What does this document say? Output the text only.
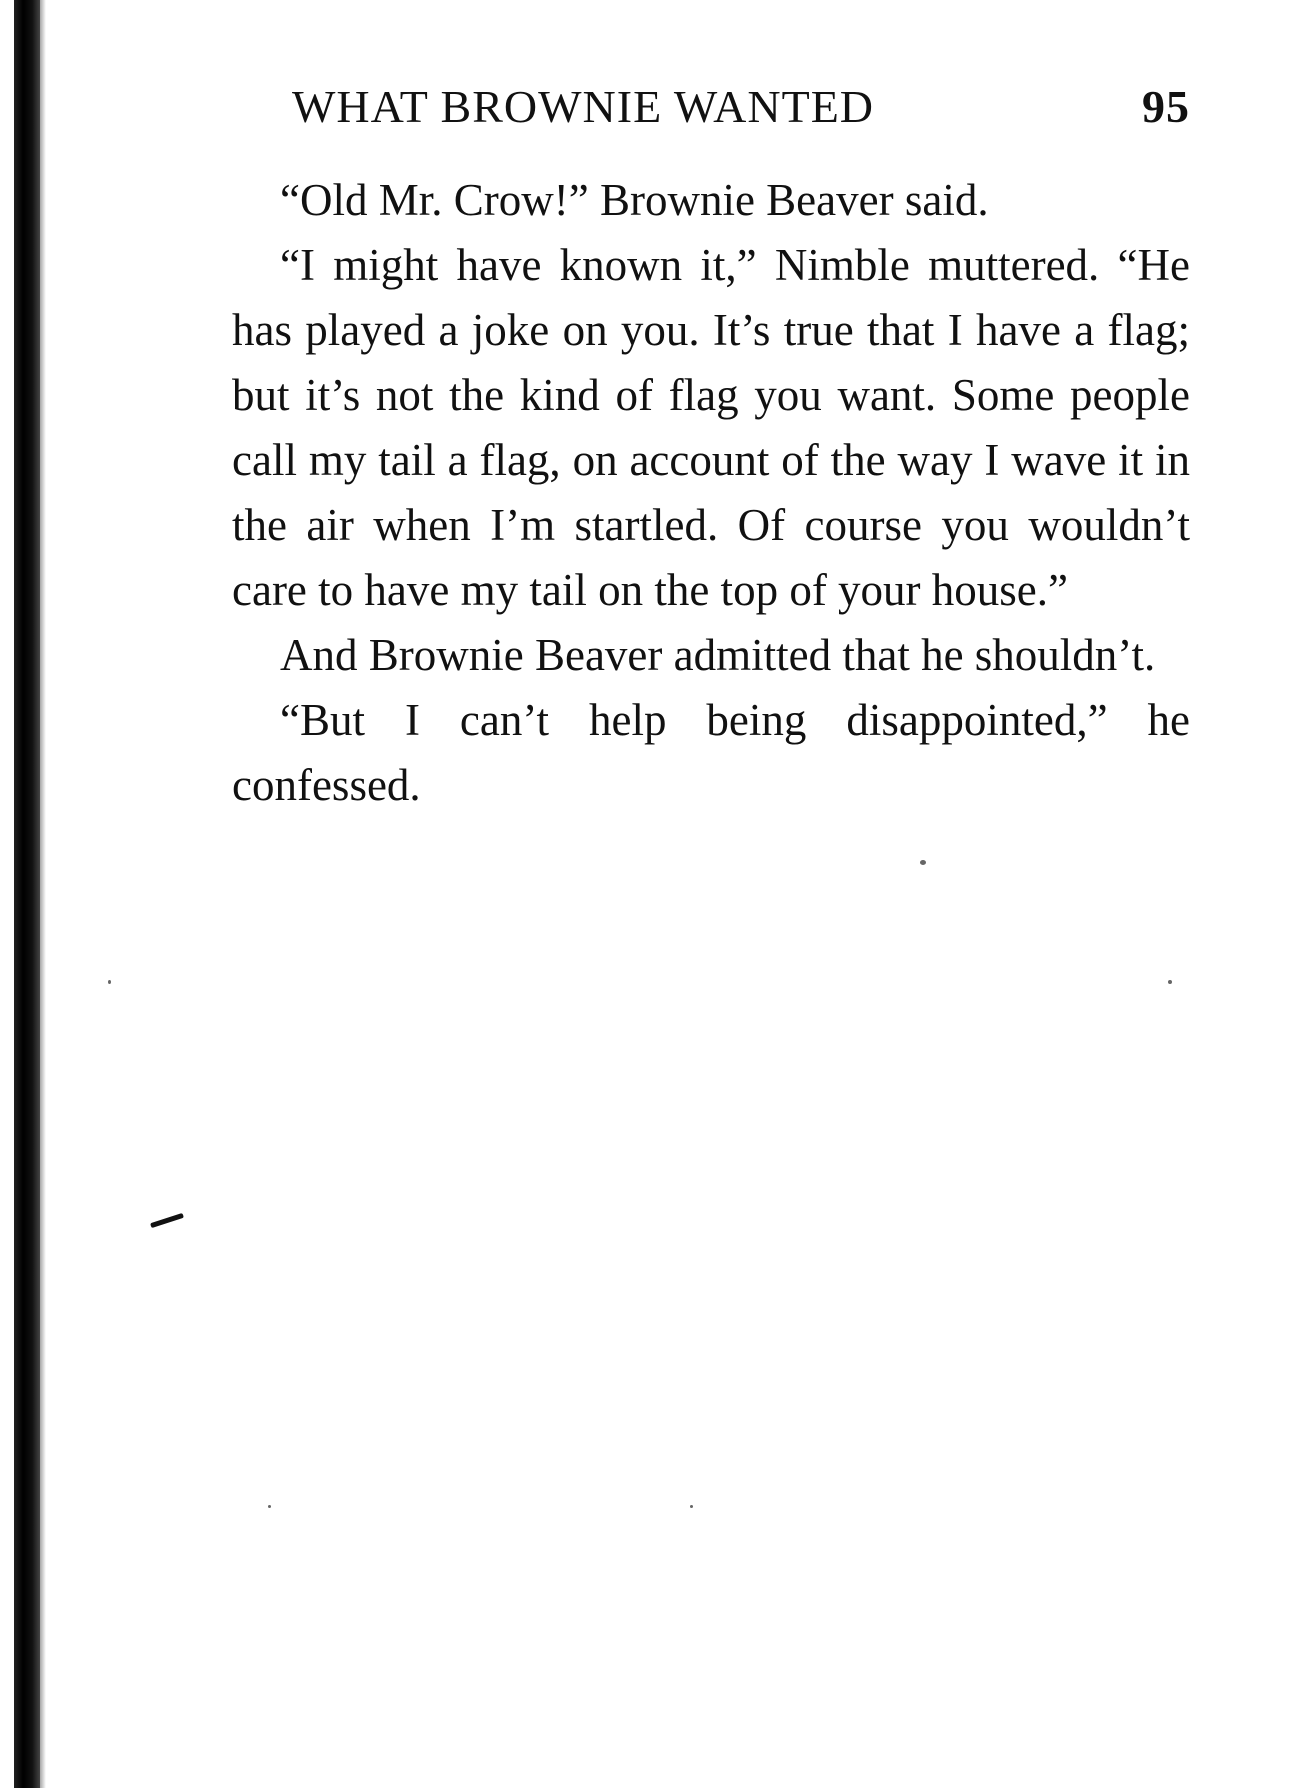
WHAT BROWNIE WANTED	95

“Old Mr. Crow!” Brownie Beaver said.

“I might have known it,” Nimble muttered. “He has played a joke on you. It’s true that I have a flag; but it’s not the kind of flag you want. Some people call my tail a flag, on account of the way I wave it in the air when I’m startled. Of course you wouldn’t care to have my tail on the top of your house.”

And Brownie Beaver admitted that he shouldn’t.

“But I can’t help being disappointed,” he confessed.
